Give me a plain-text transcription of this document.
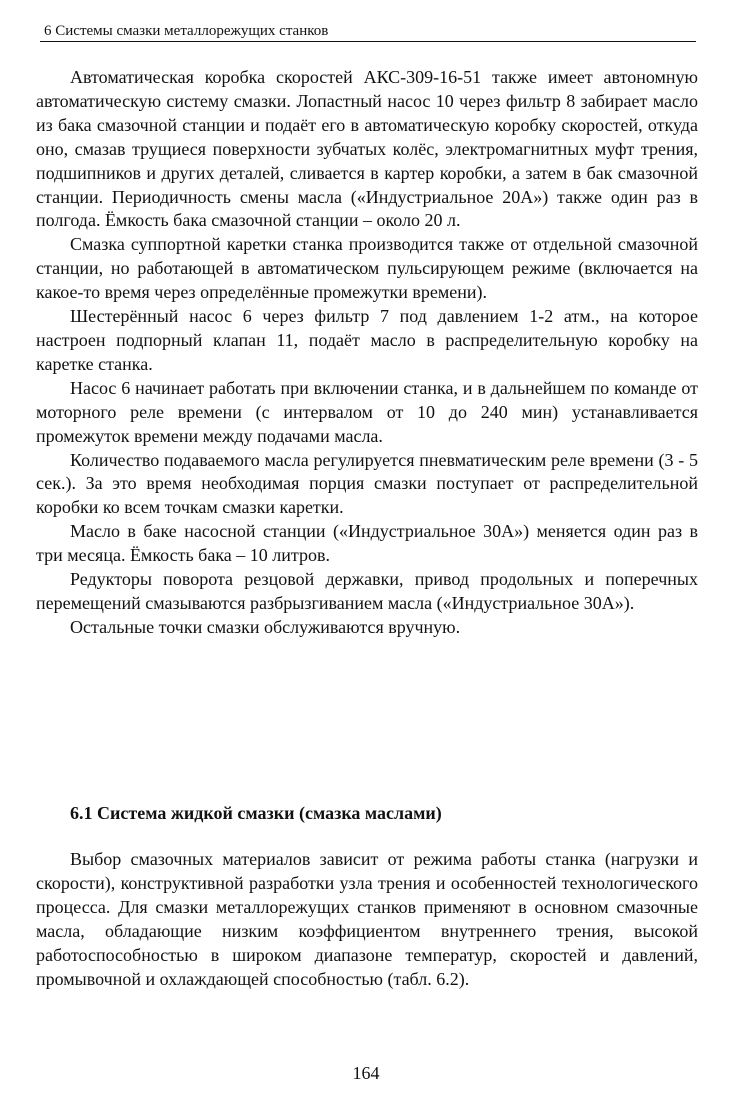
6 Системы смазки металлорежущих станков

Автоматическая коробка скоростей АКС-309-16-51 также имеет автономную автоматическую систему смазки. Лопастный насос 10 через фильтр 8 забирает масло из бака смазочной станции и подаёт его в автоматическую коробку скоростей, откуда оно, смазав трущиеся поверхности зубчатых колёс, электромагнитных муфт трения, подшипников и других деталей, сливается в картер коробки, а затем в бак смазочной станции. Периодичность смены масла («Индустриальное 20А») также один раз в полгода. Ёмкость бака смазочной станции – около 20 л.

Смазка суппортной каретки станка производится также от отдельной смазочной станции, но работающей в автоматическом пульсирующем режиме (включается на какое-то время через определённые промежутки времени).

Шестерённый насос 6 через фильтр 7 под давлением 1-2 атм., на которое настроен подпорный клапан 11, подаёт масло в распределительную коробку на каретке станка.

Насос 6 начинает работать при включении станка, и в дальнейшем по команде от моторного реле времени (с интервалом от 10 до 240 мин) устанавливается промежуток времени между подачами масла.

Количество подаваемого масла регулируется пневматическим реле времени (3 - 5 сек.). За это время необходимая порция смазки поступает от распределительной коробки ко всем точкам смазки каретки.

Масло в баке насосной станции («Индустриальное 30А») меняется один раз в три месяца. Ёмкость бака – 10 литров.

Редукторы поворота резцовой державки, привод продольных и поперечных перемещений смазываются разбрызгиванием масла («Индустриальное 30А»).

Остальные точки смазки обслуживаются вручную.

6.1 Система жидкой смазки (смазка маслами)

Выбор смазочных материалов зависит от режима работы станка (нагрузки и скорости), конструктивной разработки узла трения и особенностей технологического процесса. Для смазки металлорежущих станков применяют в основном смазочные масла, обладающие низким коэффициентом внутреннего трения, высокой работоспособностью в широком диапазоне температур, скоростей и давлений, промывочной и охлаждающей способностью (табл. 6.2).

164
